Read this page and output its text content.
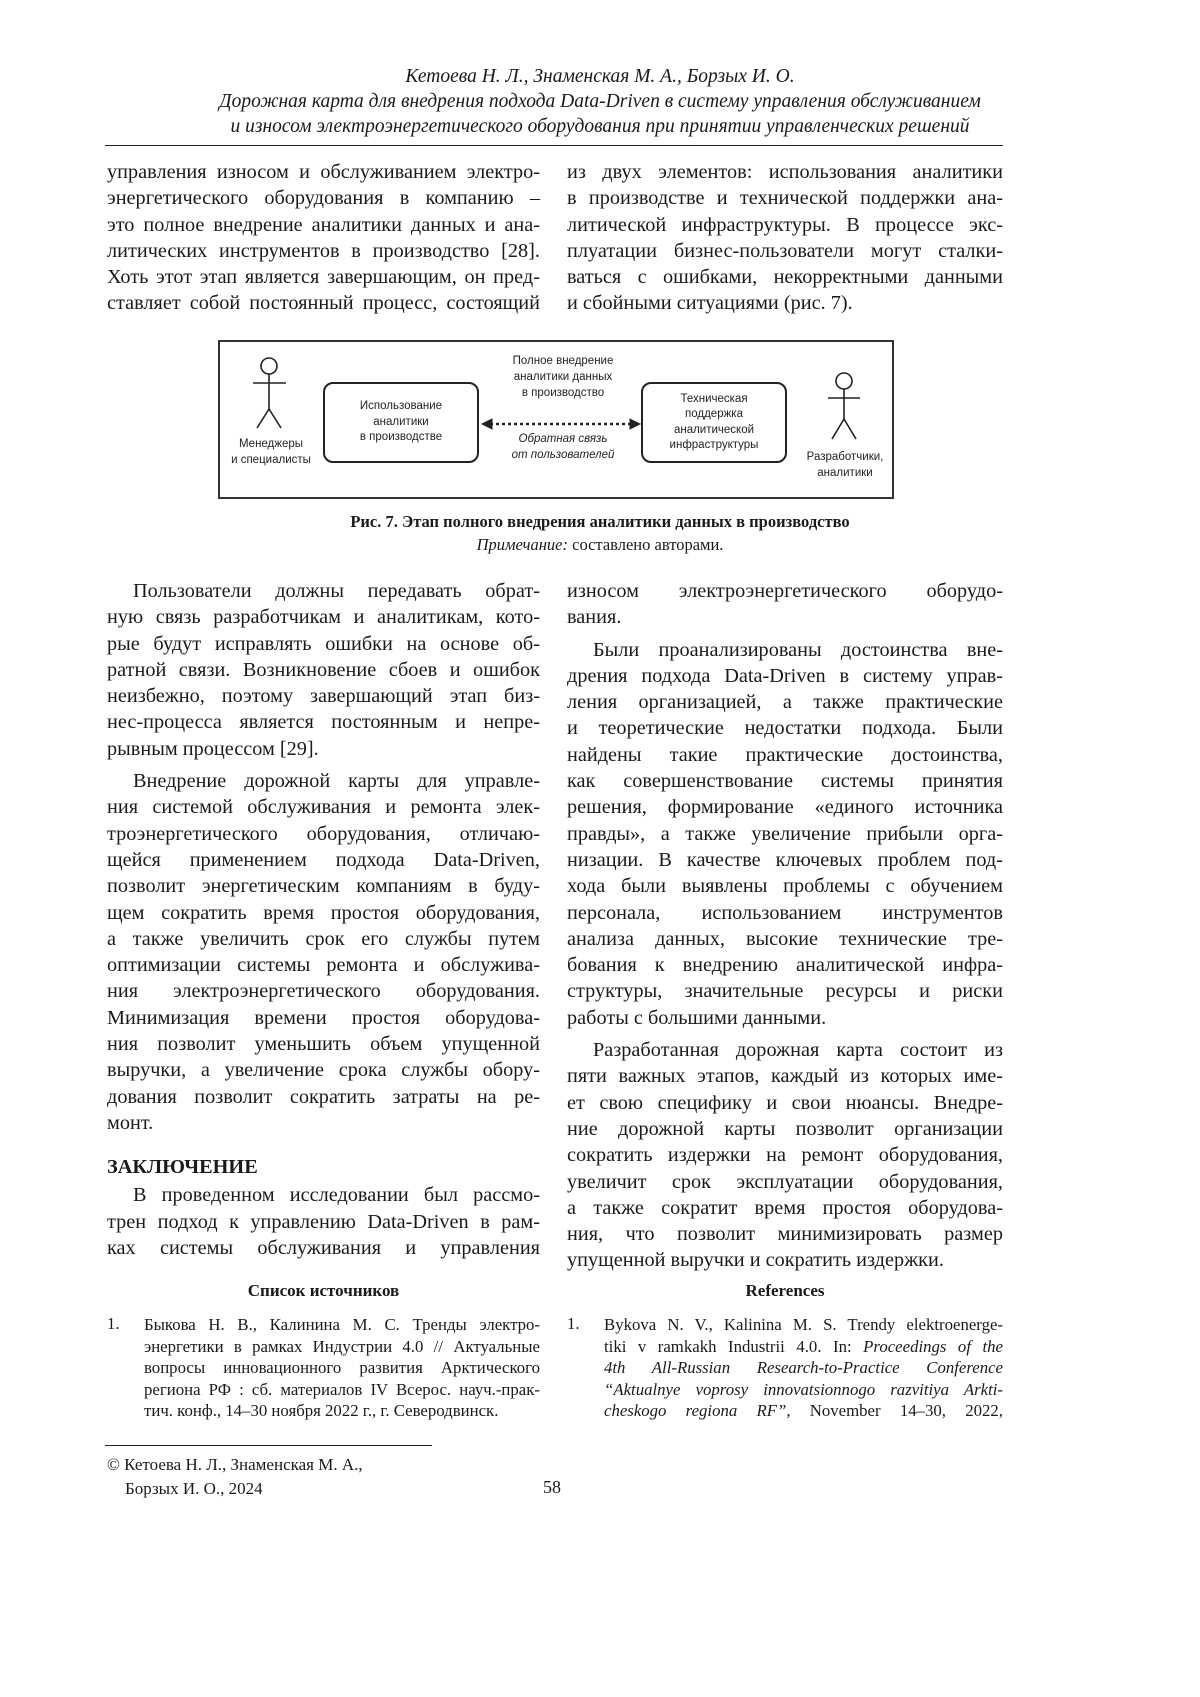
Кетоева Н. Л., Знаменская М. А., Борзых И. О.
Дорожная карта для внедрения подхода Data-Driven в систему управления обслуживанием
и износом электроэнергетического оборудования при принятии управленческих решений
управления износом и обслуживанием электро-
энергетического оборудования в компанию –
это полное внедрение аналитики данных и ана-
литических инструментов в производство [28].
Хоть этот этап является завершающим, он пред-
ставляет собой постоянный процесс, состоящий
из двух элементов: использования аналитики
в производстве и технической поддержки ана-
литической инфраструктуры. В процессе экс-
плуатации бизнес-пользователи могут сталки-
ваться с ошибками, некорректными данными
и сбойными ситуациями (рис. 7).
Менеджеры
и специалисты
Использование
аналитики
в производстве
Полное внедрение
аналитики данных
в производство
Обратная связь
от пользователей
Техническая
поддержка
аналитической
инфраструктуры
Разработчики,
аналитики
Рис. 7. Этап полного внедрения аналитики данных в производство
Примечание: составлено авторами.
Пользователи должны передавать обрат-
ную связь разработчикам и аналитикам, кото-
рые будут исправлять ошибки на основе об-
ратной связи. Возникновение сбоев и ошибок
неизбежно, поэтому завершающий этап биз-
нес-процесса является постоянным и непре-
рывным процессом [29].
Внедрение дорожной карты для управле-
ния системой обслуживания и ремонта элек-
троэнергетического оборудования, отличаю-
щейся применением подхода Data-Driven,
позволит энергетическим компаниям в буду-
щем сократить время простоя оборудования,
а также увеличить срок его службы путем
оптимизации системы ремонта и обслужива-
ния электроэнергетического оборудования.
Минимизация времени простоя оборудова-
ния позволит уменьшить объем упущенной
выручки, а увеличение срока службы обору-
дования позволит сократить затраты на ре-
монт.
ЗАКЛЮЧЕНИЕ
В проведенном исследовании был рассмо-
трен подход к управлению Data-Driven в рам-
ках системы обслуживания и управления
износом электроэнергетического оборудо-
вания.
Были проанализированы достоинства вне-
дрения подхода Data-Driven в систему управ-
ления организацией, а также практические
и теоретические недостатки подхода. Были
найдены такие практические достоинства,
как совершенствование системы принятия
решения, формирование «единого источника
правды», а также увеличение прибыли орга-
низации. В качестве ключевых проблем под-
хода были выявлены проблемы с обучением
персонала, использованием инструментов
анализа данных, высокие технические тре-
бования к внедрению аналитической инфра-
структуры, значительные ресурсы и риски
работы с большими данными.
Разработанная дорожная карта состоит из
пяти важных этапов, каждый из которых име-
ет свою специфику и свои нюансы. Внедре-
ние дорожной карты позволит организации
сократить издержки на ремонт оборудования,
увеличит срок эксплуатации оборудования,
а также сократит время простоя оборудова-
ния, что позволит минимизировать размер
упущенной выручки и сократить издержки.
Список источников	References
1. Быкова Н. В., Калинина М. С. Тренды электро-
энергетики в рамках Индустрии 4.0 // Актуальные
вопросы инновационного развития Арктического
региона РФ : сб. материалов IV Всерос. науч.-прак-
тич. конф., 14–30 ноября 2022 г., г. Северодвинск.
1. Bykova N. V., Kalinina M. S. Trendy elektroenerge-
tiki v ramkakh Industrii 4.0. In: Proceedings of the
4th All-Russian Research-to-Practice Conference
“Aktualnye voprosy innovatsionnogo razvitiya Arkti-
cheskogo regiona RF”, November 14–30, 2022,
© Кетоева Н. Л., Знаменская М. А.,
Борзых И. О., 2024	58
